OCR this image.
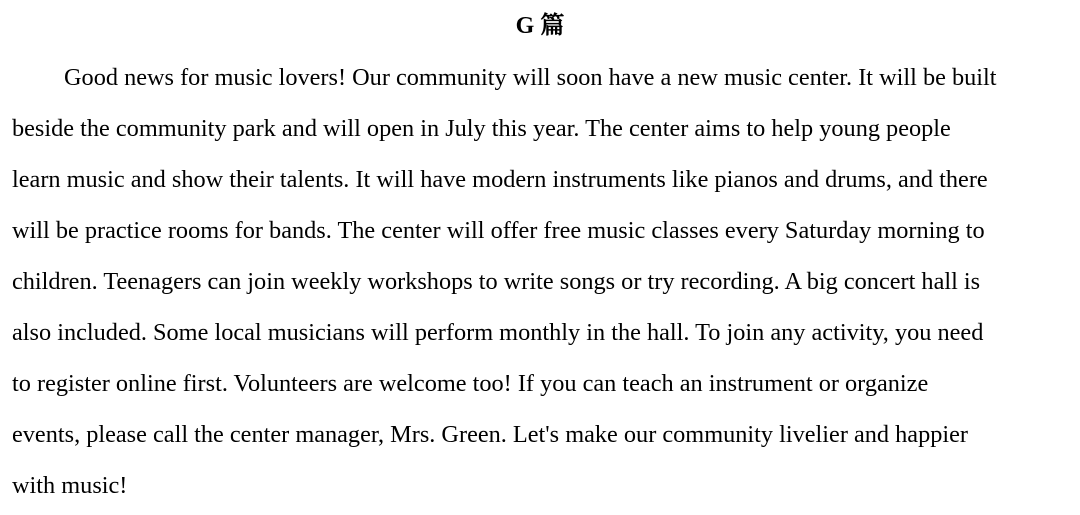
G 篇
Good news for music lovers! Our community will soon have a new music center. It will be built
beside the community park and will open in July this year. The center aims to help young people
learn music and show their talents. It will have modern instruments like pianos and drums, and there
will be practice rooms for bands. The center will offer free music classes every Saturday morning to
children. Teenagers can join weekly workshops to write songs or try recording. A big concert hall is
also included. Some local musicians will perform monthly in the hall. To join any activity, you need
to register online first. Volunteers are welcome too! If you can teach an instrument or organize
events, please call the center manager, Mrs. Green. Let's make our community livelier and happier
with music!
